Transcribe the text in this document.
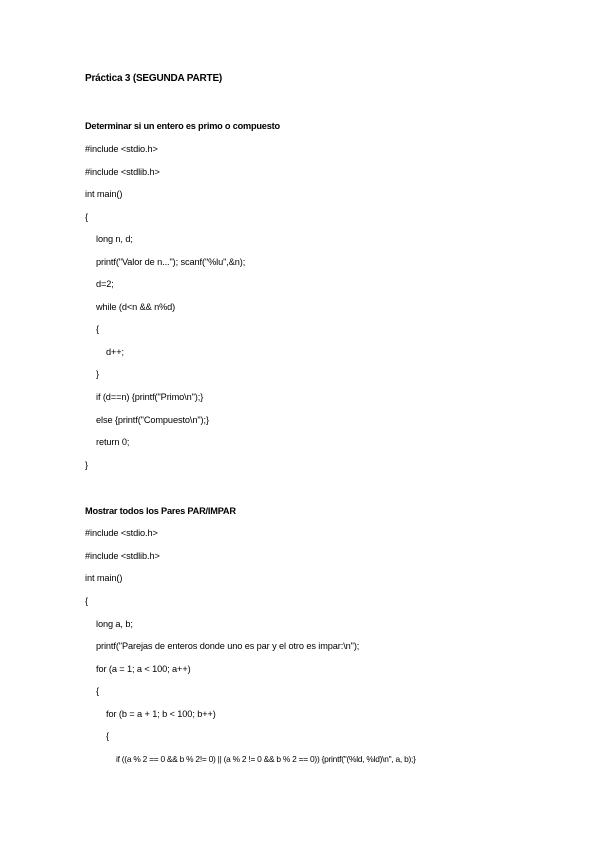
Práctica 3 (SEGUNDA PARTE)
Determinar si un entero es primo o compuesto
#include <stdio.h>
#include <stdlib.h>
int main()
{
long n, d;
printf("Valor de n..."); scanf("%lu",&n);
d=2;
while (d<n && n%d)
{
d++;
}
if (d==n) {printf("Primo\n");}
else {printf("Compuesto\n");}
return 0;
}
Mostrar todos los Pares PAR/IMPAR
#include <stdio.h>
#include <stdlib.h>
int main()
{
long a, b;
printf("Parejas de enteros donde uno es par y el otro es impar:\n");
for (a = 1; a < 100; a++)
{
for (b = a + 1; b < 100; b++)
{
if ((a % 2 == 0 && b % 2!= 0) || (a % 2 != 0 && b % 2 == 0)) {printf("(%ld, %ld)\n", a, b);}
